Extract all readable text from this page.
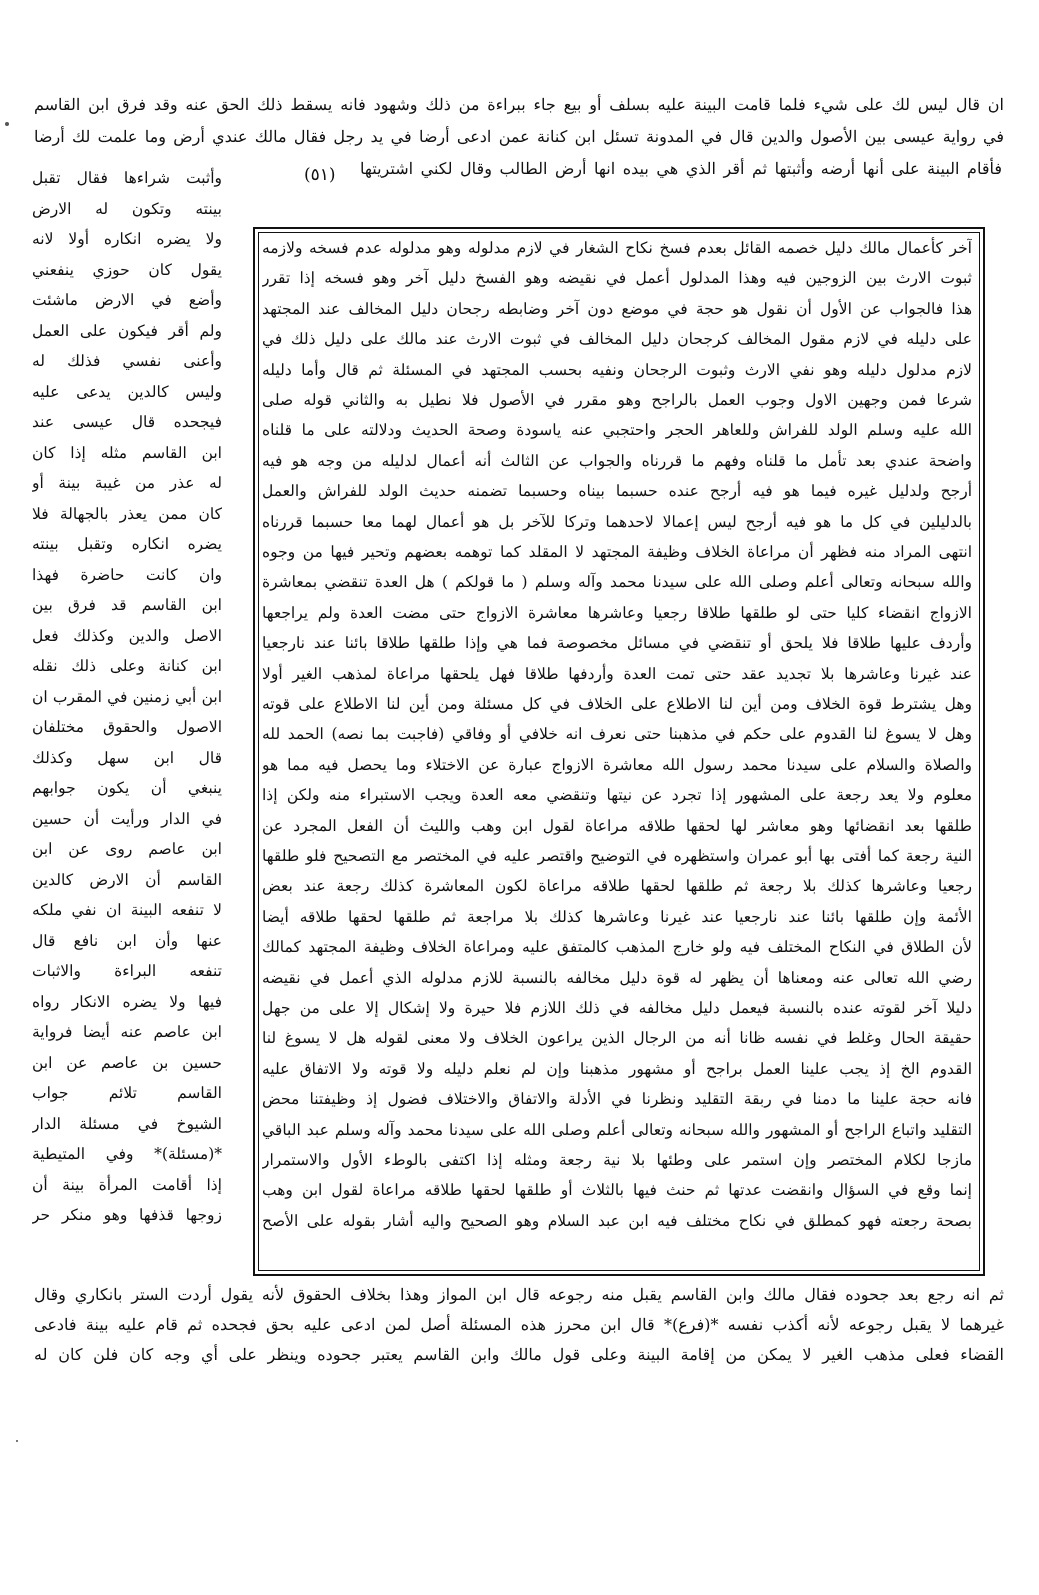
ان قال ليس لك على شيء فلما قامت البينة عليه بسلف أو بيع جاء ببراءة من ذلك وشهود فانه يسقط ذلك الحق عنه وقد فرق ابن القاسم
في رواية عيسى بين الأصول والدين قال في المدونة تسئل ابن كنانة عمن ادعى أرضا في يد رجل فقال مالك عندي أرض وما علمت لك أرضا
فأقام البينة على أنها أرضه وأثبتها ثم أقر الذي هي بيده انها أرض الطالب وقال لكني اشتريتها
(٥١)
وأثبت شراءها فقال تقبل
بينته وتكون له الارض
ولا يضره انكاره أولا لانه
يقول كان حوزي ينفعني
وأضع في الارض ماشئت
ولم أقر فيكون على العمل
وأعنى نفسي فذلك له
وليس كالدين يدعى عليه
فيجحده قال عيسى عند
ابن القاسم مثله إذا كان
له عذر من غيبة بينة أو
كان ممن يعذر بالجهالة فلا
يضره انكاره وتقبل بينته
وان كانت حاضرة فهذا
ابن القاسم قد فرق بين
الاصل والدين وكذلك فعل
ابن كنانة وعلى ذلك نقله
ابن أبي زمنين في المقرب ان
الاصول والحقوق مختلفان
قال ابن سهل وكذلك
ينبغي أن يكون جوابهم
في الدار ورأيت أن حسين
ابن عاصم روى عن ابن
القاسم أن الارض كالدين
لا تنفعه البينة ان نفي ملكه
عنها وأن ابن نافع قال
تنفعه البراءة والاثبات
فيها ولا يضره الانكار رواه
ابن عاصم عنه أيضا فرواية
حسين بن عاصم عن ابن
القاسم تلائم جواب
الشيوخ في مسئلة الدار
*(مسئلة)* وفي المتيطية
إذا أقامت المرأة بينة أن
زوجها قذفها وهو منكر حر
آخر كأعمال مالك دليل خصمه القائل بعدم فسخ نكاح الشغار في لازم مدلوله وهو مدلوله عدم فسخه ولازمه
ثبوت الارث بين الزوجين فيه وهذا المدلول أعمل في نقيضه وهو الفسخ دليل آخر وهو فسخه إذا تقرر
هذا فالجواب عن الأول أن نقول هو حجة في موضع دون آخر وضابطه رجحان دليل المخالف عند المجتهد
على دليله في لازم مقول المخالف كرجحان دليل المخالف في ثبوت الارث عند مالك على دليل ذلك في
لازم مدلول دليله وهو نفي الارث وثبوت الرجحان ونفيه بحسب المجتهد في المسئلة ثم قال وأما دليله
شرعا فمن وجهين الاول وجوب العمل بالراجح وهو مقرر في الأصول فلا نطيل به والثاني قوله صلى
الله عليه وسلم الولد للفراش وللعاهر الحجر واحتجبي عنه ياسودة وصحة الحديث ودلالته على ما قلناه
واضحة عندي بعد تأمل ما قلناه وفهم ما قررناه والجواب عن الثالث أنه أعمال لدليله من وجه هو فيه
أرجح ولدليل غيره فيما هو فيه أرجح عنده حسبما بيناه وحسبما تضمنه حديث الولد للفراش والعمل
بالدليلين في كل ما هو فيه أرجح ليس إعمالا لاحدهما وتركا للآخر بل هو أعمال لهما معا حسبما قررناه
انتهى المراد منه فظهر أن مراعاة الخلاف وظيفة المجتهد لا المقلد كما توهمه بعضهم وتحير فيها من وجوه
والله سبحانه وتعالى أعلم وصلى الله على سيدنا محمد وآله وسلم ( ما قولكم ) هل العدة تنقضي بمعاشرة
الازواج انقضاء كليا حتى لو طلقها طلاقا رجعيا وعاشرها معاشرة الازواج حتى مضت العدة ولم يراجعها
وأردف عليها طلاقا فلا يلحق أو تنقضي في مسائل مخصوصة فما هي وإذا طلقها طلاقا بائنا عند نارجعيا
عند غيرنا وعاشرها بلا تجديد عقد حتى تمت العدة وأردفها طلاقا فهل يلحقها مراعاة لمذهب الغير أولا
وهل يشترط قوة الخلاف ومن أين لنا الاطلاع على الخلاف في كل مسئلة ومن أين لنا الاطلاع على قوته
وهل لا يسوغ لنا القدوم على حكم في مذهبنا حتى نعرف انه خلافي أو وفاقي (فاجبت بما نصه) الحمد لله
والصلاة والسلام على سيدنا محمد رسول الله معاشرة الازواج عبارة عن الاختلاء وما يحصل فيه مما هو
معلوم ولا يعد رجعة على المشهور إذا تجرد عن نيتها وتنقضي معه العدة ويجب الاستبراء منه ولكن إذا
طلقها بعد انقضائها وهو معاشر لها لحقها طلاقه مراعاة لقول ابن وهب والليث أن الفعل المجرد عن
النية رجعة كما أفتى بها أبو عمران واستظهره في التوضيح واقتصر عليه في المختصر مع التصحيح فلو طلقها
رجعيا وعاشرها كذلك بلا رجعة ثم طلقها لحقها طلاقه مراعاة لكون المعاشرة كذلك رجعة عند بعض
الأئمة وإن طلقها بائنا عند نارجعيا عند غيرنا وعاشرها كذلك بلا مراجعة ثم طلقها لحقها طلاقه أيضا
لأن الطلاق في النكاح المختلف فيه ولو خارج المذهب كالمتفق عليه ومراعاة الخلاف وظيفة المجتهد كمالك
رضي الله تعالى عنه ومعناها أن يظهر له قوة دليل مخالفه بالنسبة للازم مدلوله الذي أعمل في نقيضه
دليلا آخر لقوته عنده بالنسبة فيعمل دليل مخالفه في ذلك اللازم فلا حيرة ولا إشكال إلا على من جهل
حقيقة الحال وغلط في نفسه ظانا أنه من الرجال الذين يراعون الخلاف ولا معنى لقوله هل لا يسوغ لنا
القدوم الخ إذ يجب علينا العمل براجح أو مشهور مذهبنا وإن لم نعلم دليله ولا قوته ولا الاتفاق عليه
فانه حجة علينا ما دمنا في ربقة التقليد ونظرنا في الأدلة والاتفاق والاختلاف فضول إذ وظيفتنا محض
التقليد واتباع الراجح أو المشهور والله سبحانه وتعالى أعلم وصلى الله على سيدنا محمد وآله وسلم عبد الباقي
مازجا لكلام المختصر وإن استمر على وطئها بلا نية رجعة ومثله إذا اكتفى بالوطء الأول والاستمرار
إنما وقع في السؤال وانقضت عدتها ثم حنث فيها بالثلاث أو طلقها لحقها طلاقه مراعاة لقول ابن وهب
بصحة رجعته فهو كمطلق في نكاح مختلف فيه ابن عبد السلام وهو الصحيح واليه أشار بقوله على الأصح
ثم انه رجع بعد جحوده فقال مالك وابن القاسم يقبل منه رجوعه قال ابن المواز وهذا بخلاف الحقوق لأنه يقول أردت الستر بانكاري وقال
غيرهما لا يقبل رجوعه لأنه أكذب نفسه *(فرع)* قال ابن محرز هذه المسئلة أصل لمن ادعى عليه بحق فجحده ثم قام عليه بينة فادعى
القضاء فعلى مذهب الغير لا يمكن من إقامة البينة وعلى قول مالك وابن القاسم يعتبر جحوده وينظر على أي وجه كان فلن كان له
